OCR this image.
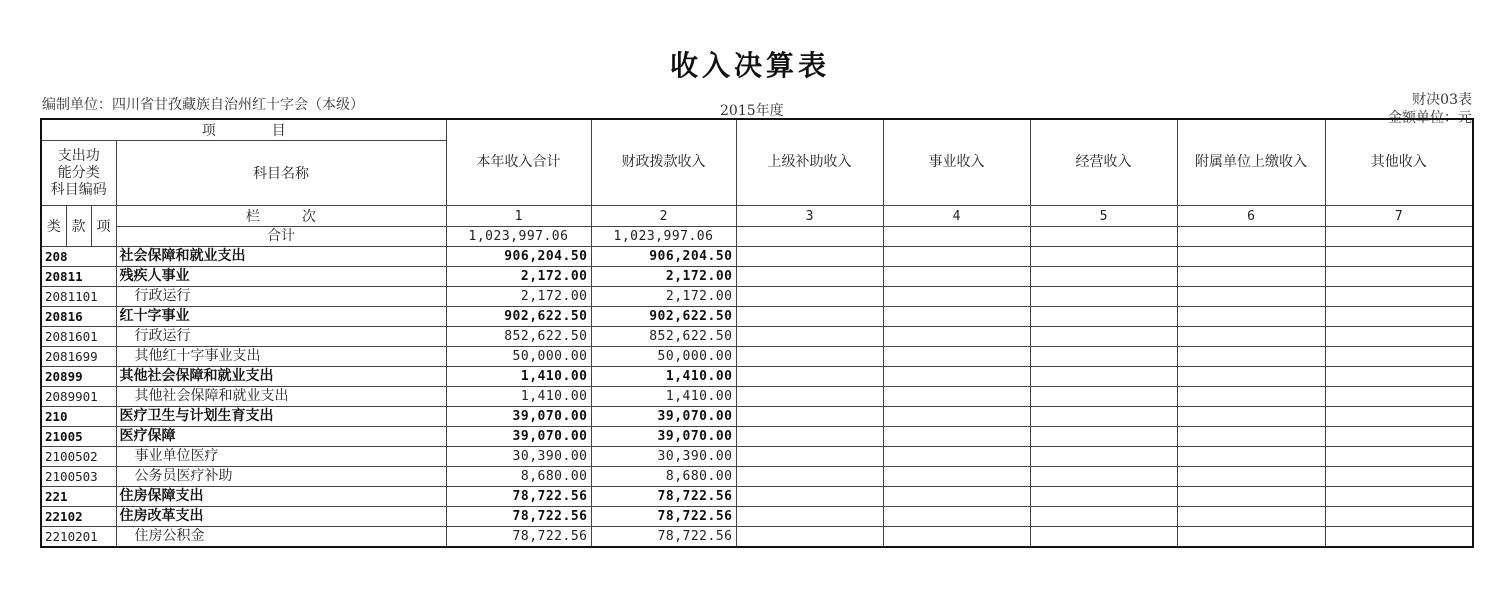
收入决算表
编制单位：四川省甘孜藏族自治州红十字会（本级）	2015年度
财决03表
金额单位：元
项　　　　目				本年收入合计	财政拨款收入	上级补助收入	事业收入	经营收入	附属单位上缴收入	其他收入
支出功
能分类
科目编码			科目名称							
类	款	项	栏　　　次	1	2	3	4	5	6	7
			合计	1,023,997.06	1,023,997.06					
208			社会保障和就业支出	906,204.50	906,204.50					
20811			残疾人事业	2,172.00	2,172.00					
2081101			行政运行	2,172.00	2,172.00					
20816			红十字事业	902,622.50	902,622.50					
2081601			行政运行	852,622.50	852,622.50					
2081699			其他红十字事业支出	50,000.00	50,000.00					
20899			其他社会保障和就业支出	1,410.00	1,410.00					
2089901			其他社会保障和就业支出	1,410.00	1,410.00					
210			医疗卫生与计划生育支出	39,070.00	39,070.00					
21005			医疗保障	39,070.00	39,070.00					
2100502			事业单位医疗	30,390.00	30,390.00					
2100503			公务员医疗补助	8,680.00	8,680.00					
221			住房保障支出	78,722.56	78,722.56					
22102			住房改革支出	78,722.56	78,722.56					
2210201			住房公积金	78,722.56	78,722.56					
